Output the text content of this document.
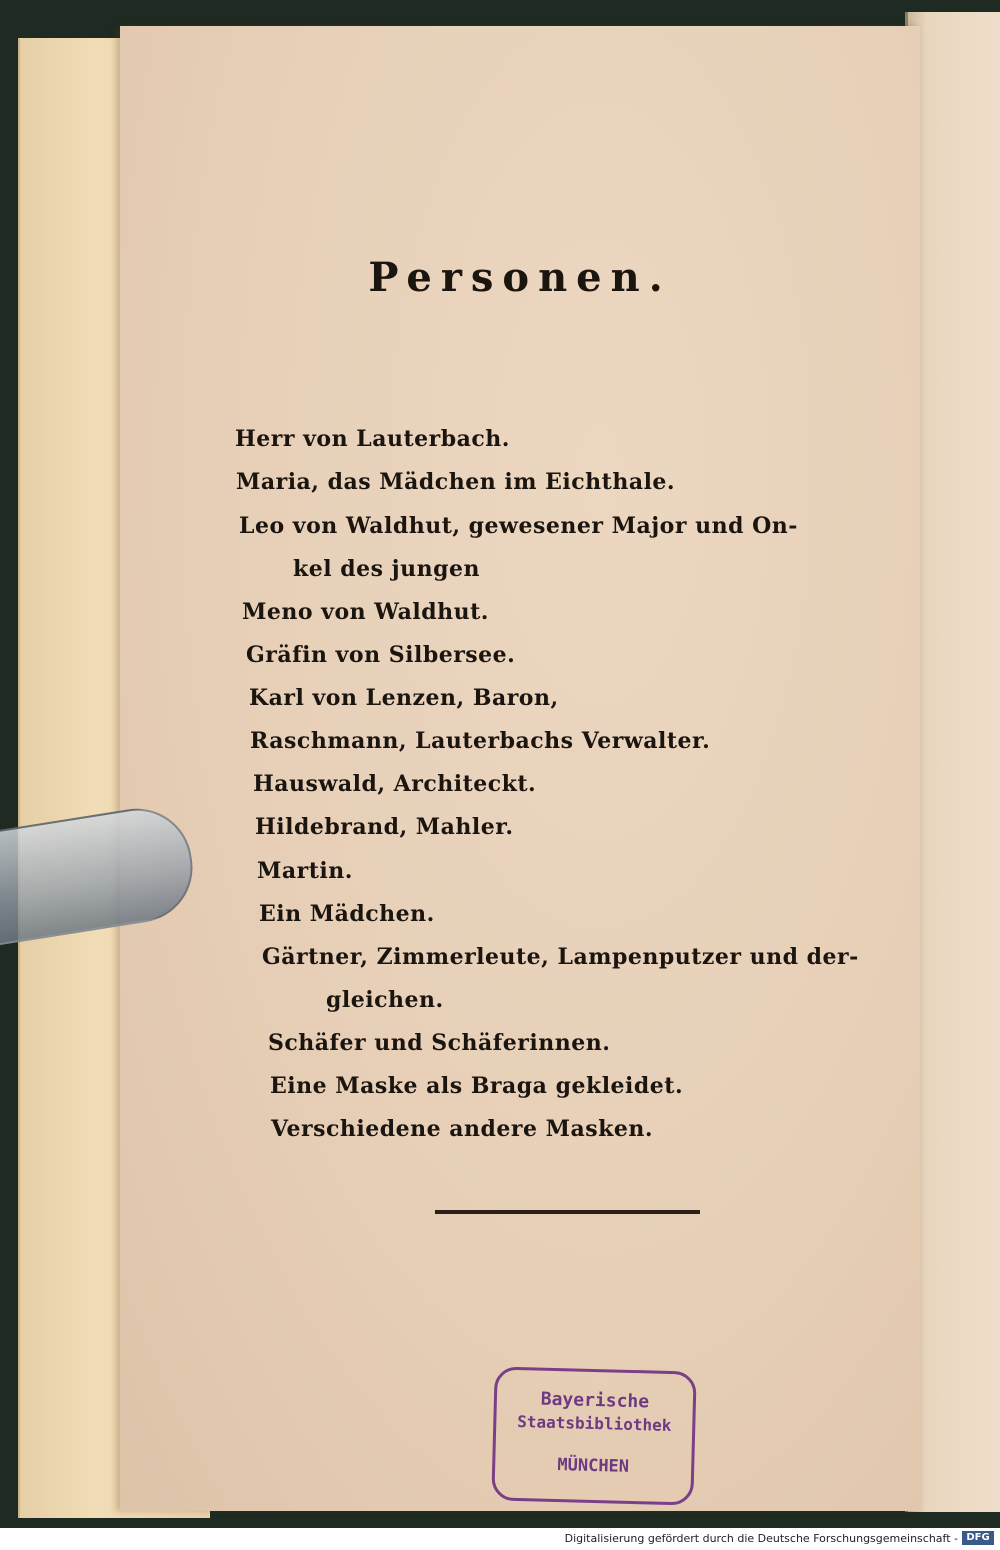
Personen.
Herr von Lauterbach.
Maria, das Mädchen im Eichthale.
Leo von Waldhut, gewesener Major und On-
kel des jungen
Meno von Waldhut.
Gräfin von Silbersee.
Karl von Lenzen, Baron,
Raschmann, Lauterbachs Verwalter.
Hauswald, Architeckt.
Hildebrand, Mahler.
Martin.
Ein Mädchen.
Gärtner, Zimmerleute, Lampenputzer und der-
gleichen.
Schäfer und Schäferinnen.
Eine Maske als Braga gekleidet.
Verschiedene andere Masken.
Bayerische
Staatsbibliothek
MÜNCHEN
Digitalisierung gefördert durch die Deutsche Forschungsgemeinschaft - DFG
